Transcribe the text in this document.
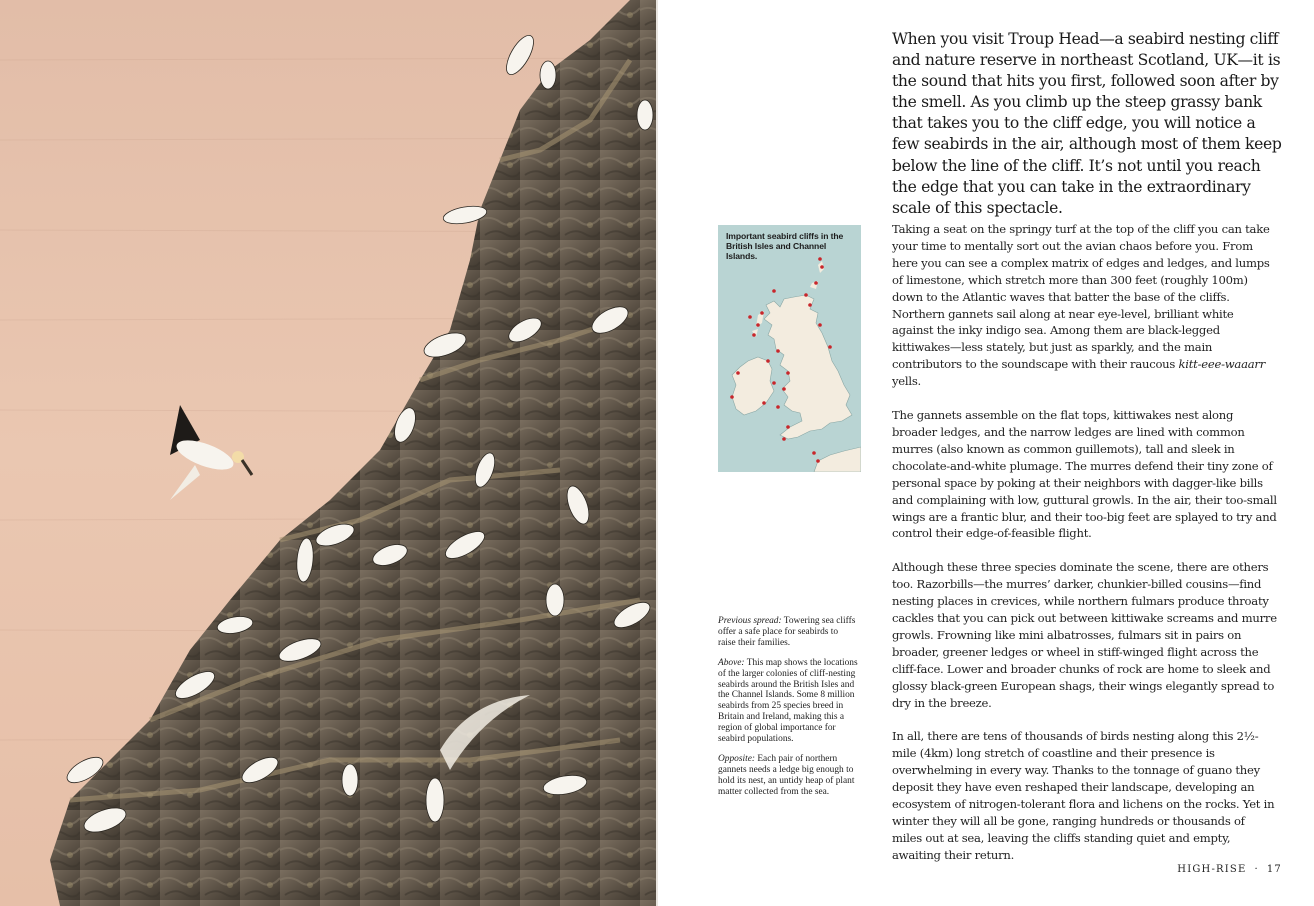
Important seabird cliffs in the British Isles and Channel Islands.

Previous spread: Towering sea cliffs offer a safe place for seabirds to raise their families.

Above: This map shows the locations of the larger colonies of cliff-nesting seabirds around the British Isles and the Channel Islands. Some 8 million seabirds from 25 species breed in Britain and Ireland, making this a region of global importance for seabird populations.

Opposite: Each pair of northern gannets needs a ledge big enough to hold its nest, an untidy heap of plant matter collected from the sea.

When you visit Troup Head—a seabird nesting cliff and nature reserve in northeast Scotland, UK—it is the sound that hits you first, followed soon after by the smell. As you climb up the steep grassy bank that takes you to the cliff edge, you will notice a few seabirds in the air, although most of them keep below the line of the cliff. It’s not until you reach the edge that you can take in the extraordinary scale of this spectacle.

Taking a seat on the springy turf at the top of the cliff you can take your time to mentally sort out the avian chaos before you. From here you can see a complex matrix of edges and ledges, and lumps of limestone, which stretch more than 300 feet (roughly 100m) down to the Atlantic waves that batter the base of the cliffs. Northern gannets sail along at near eye-level, brilliant white against the inky indigo sea. Among them are black-legged kittiwakes—less stately, but just as sparkly, and the main contributors to the soundscape with their raucous kitt-eee-waaarr yells.

The gannets assemble on the flat tops, kittiwakes nest along broader ledges, and the narrow ledges are lined with common murres (also known as common guillemots), tall and sleek in chocolate-and-white plumage. The murres defend their tiny zone of personal space by poking at their neighbors with dagger-like bills and complaining with low, guttural growls. In the air, their too-small wings are a frantic blur, and their too-big feet are splayed to try and control their edge-of-feasible flight.

Although these three species dominate the scene, there are others too. Razorbills—the murres’ darker, chunkier-billed cousins—find nesting places in crevices, while northern fulmars produce throaty cackles that you can pick out between kittiwake screams and murre growls. Frowning like mini albatrosses, fulmars sit in pairs on broader, greener ledges or wheel in stiff-winged flight across the cliff-face. Lower and broader chunks of rock are home to sleek and glossy black-green European shags, their wings elegantly spread to dry in the breeze.

In all, there are tens of thousands of birds nesting along this 2½-mile (4km) long stretch of coastline and their presence is overwhelming in every way. Thanks to the tonnage of guano they deposit they have even reshaped their landscape, developing an ecosystem of nitrogen-tolerant flora and lichens on the rocks. Yet in winter they will all be gone, ranging hundreds or thousands of miles out at sea, leaving the cliffs standing quiet and empty, awaiting their return.

HIGH-RISE · 17
